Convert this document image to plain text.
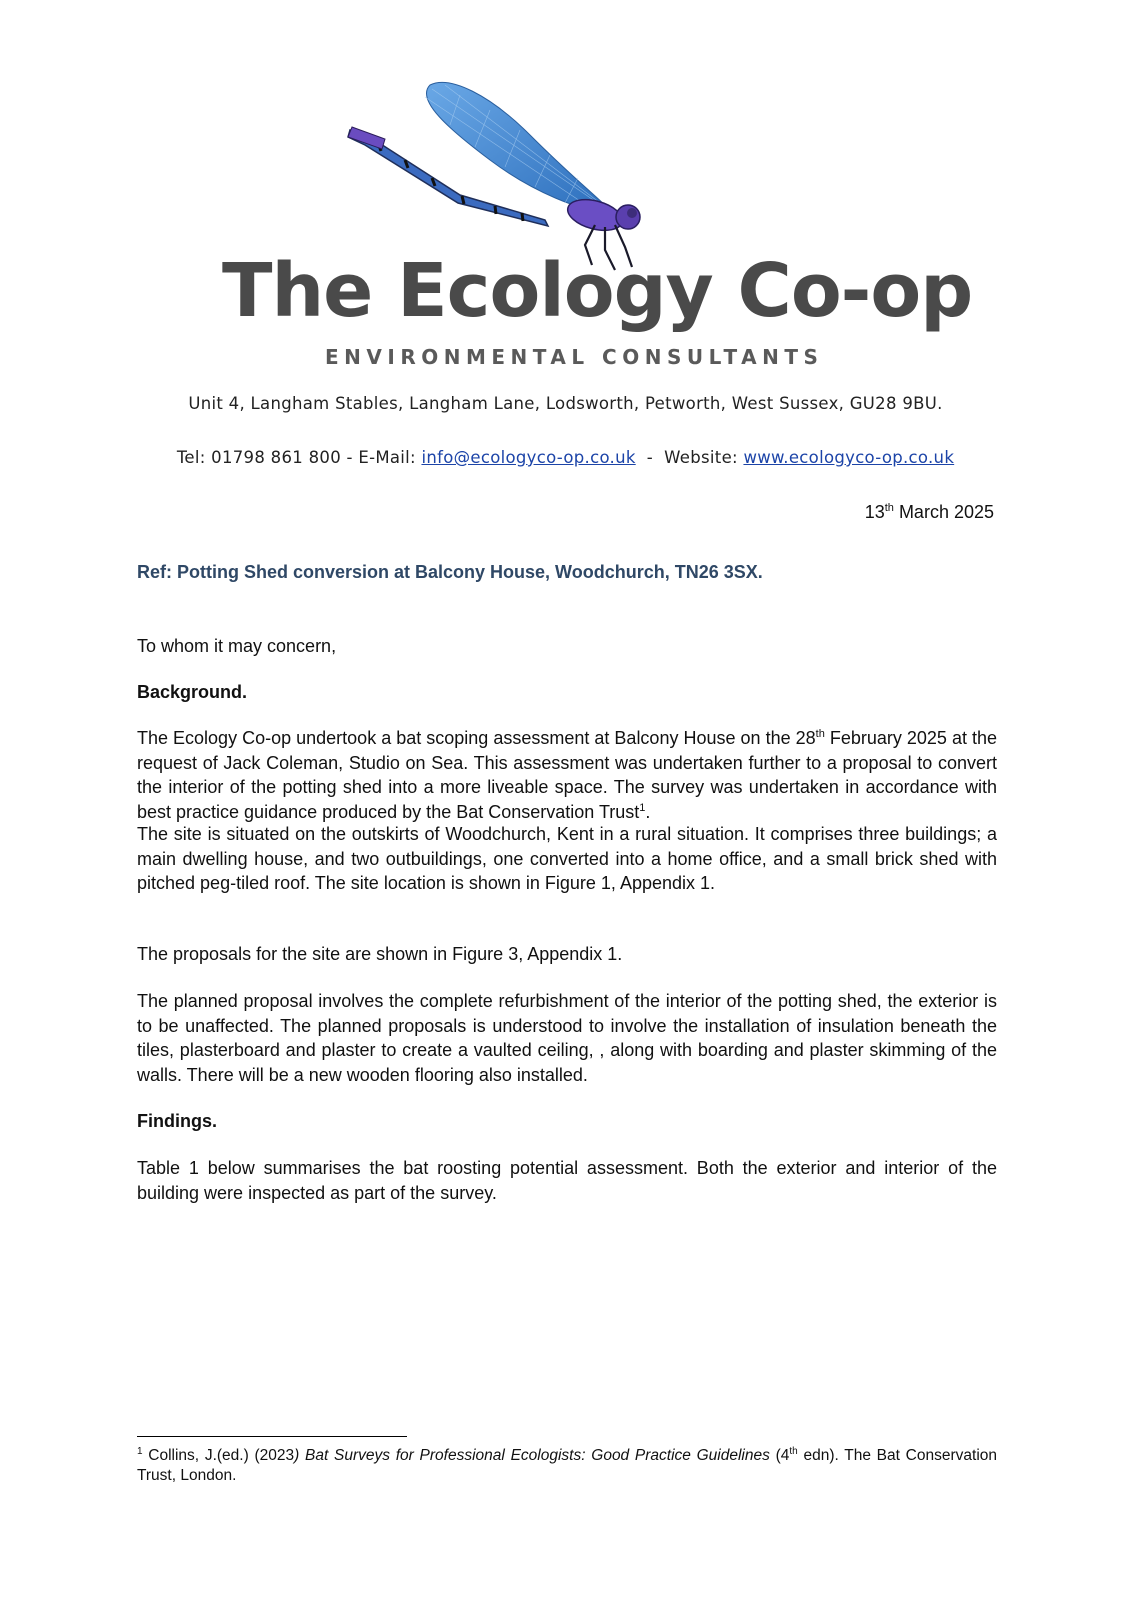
The Ecology Co-op
ENVIRONMENTAL CONSULTANTS
Unit 4, Langham Stables, Langham Lane, Lodsworth, Petworth, West Sussex, GU28 9BU.
Tel: 01798 861 800 - E-Mail: info@ecologyco-op.co.uk  -  Website: www.ecologyco-op.co.uk
13th March 2025
Ref: Potting Shed conversion at Balcony House, Woodchurch, TN26 3SX.
To whom it may concern,
Background.
The Ecology Co-op undertook a bat scoping assessment at Balcony House on the 28th February 2025 at the request of Jack Coleman, Studio on Sea. This assessment was undertaken further to a proposal to convert the interior of the potting shed into a more liveable space. The survey was undertaken in accordance with best practice guidance produced by the Bat Conservation Trust$^1$.
The site is situated on the outskirts of Woodchurch, Kent in a rural situation. It comprises three buildings; a main dwelling house, and two outbuildings, one converted into a home office, and a small brick shed with pitched peg-tiled roof. The site location is shown in Figure 1, Appendix 1.
The proposals for the site are shown in Figure 3, Appendix 1.
The planned proposal involves the complete refurbishment of the interior of the potting shed, the exterior is to be unaffected. The planned proposals is understood to involve the installation of insulation beneath the tiles, plasterboard and plaster to create a vaulted ceiling, , along with boarding and plaster skimming of the walls. There will be a new wooden flooring also installed.
Findings.
Table 1 below summarises the bat roosting potential assessment. Both the exterior and interior of the building were inspected as part of the survey.
$^1$ Collins, J.(ed.) (2023) Bat Surveys for Professional Ecologists: Good Practice Guidelines (4th edn). The Bat Conservation Trust, London.
